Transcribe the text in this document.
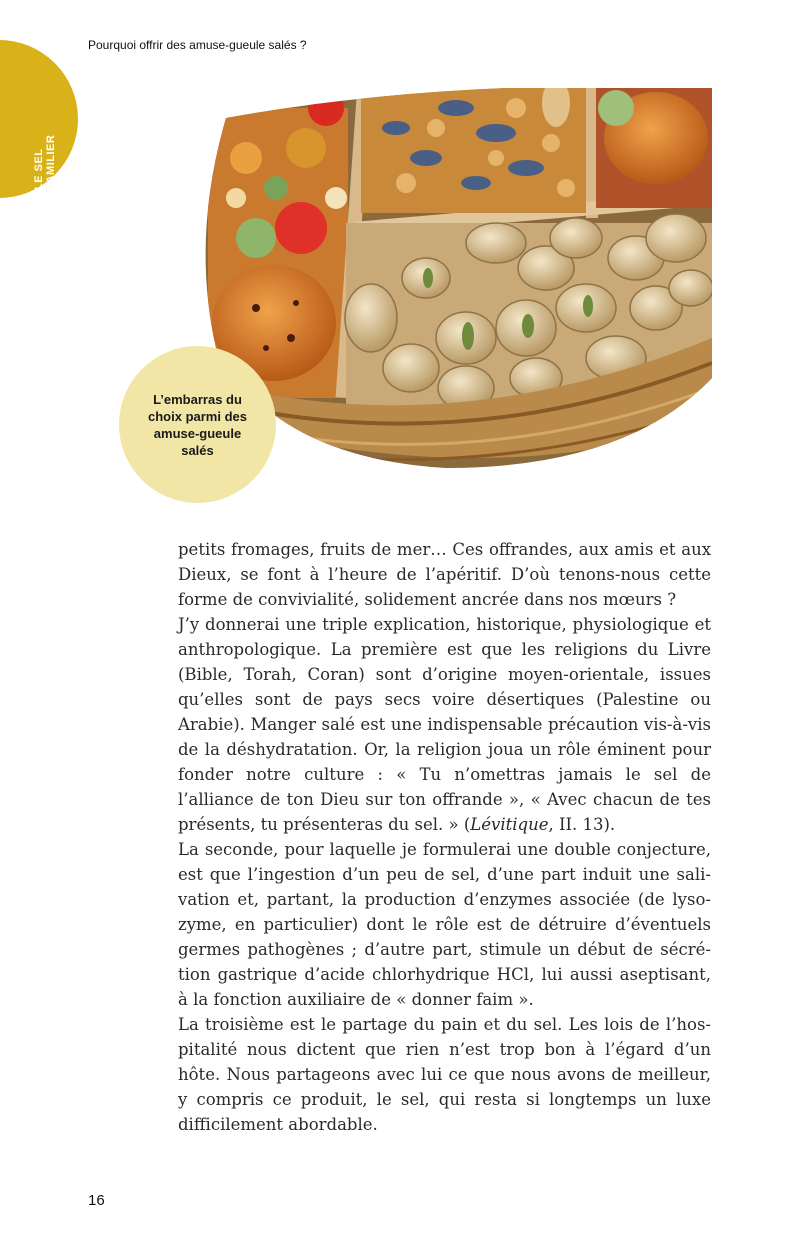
LE SEL FAMILIER
Pourquoi offrir des amuse-gueule salés ?
L’embarras du choix parmi des amuse-gueule salés

petits fromages, fruits de mer… Ces offrandes, aux amis et aux Dieux, se font à l’heure de l’apéritif. D’où tenons-nous cette forme de convivialité, solidement ancrée dans nos mœurs ?

J’y donnerai une triple explication, historique, physiologique et anthropologique. La première est que les religions du Livre (Bible, Torah, Coran) sont d’origine moyen-orientale, issues qu’elles sont de pays secs voire désertiques (Palestine ou Arabie). Manger salé est une indispensable précaution vis-à-vis de la déshydratation. Or, la religion joua un rôle éminent pour fonder notre culture : « Tu n’omettras jamais le sel de l’alliance de ton Dieu sur ton offrande », « Avec chacun de tes présents, tu présenteras du sel. » (Lévitique, II. 13).

La seconde, pour laquelle je formulerai une double conjecture, est que l’ingestion d’un peu de sel, d’une part induit une salivation et, partant, la production d’enzymes associée (de lysozyme, en particulier) dont le rôle est de détruire d’éventuels germes pathogènes ; d’autre part, stimule un début de sécrétion gastrique d’acide chlorhydrique HCl, lui aussi aseptisant, à la fonction auxiliaire de « donner faim ».

La troisième est le partage du pain et du sel. Les lois de l’hospitalité nous dictent que rien n’est trop bon à l’égard d’un hôte. Nous partageons avec lui ce que nous avons de meilleur, y compris ce produit, le sel, qui resta si longtemps un luxe difficilement abordable.

16
